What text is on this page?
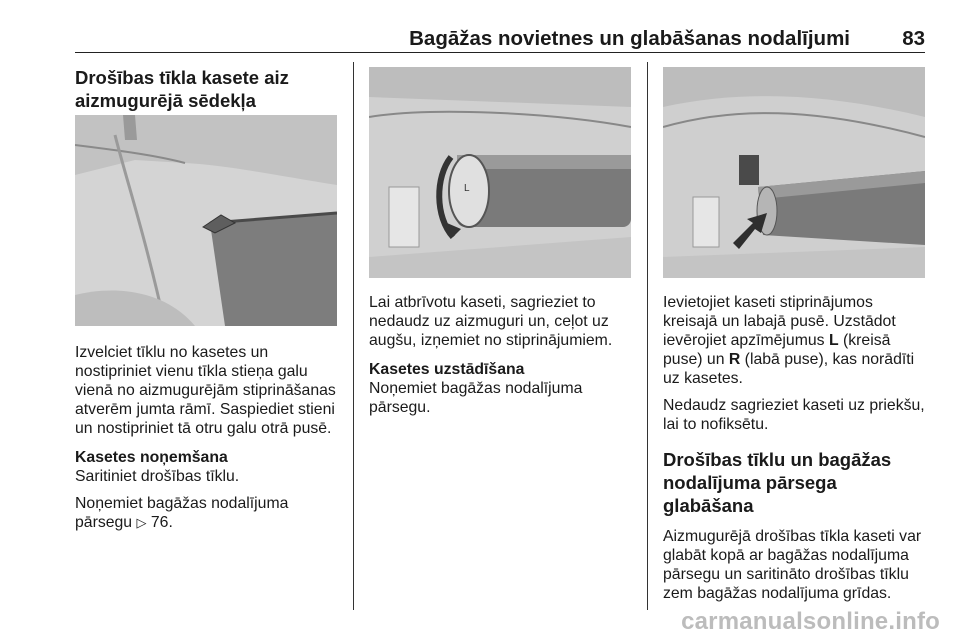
Bagāžas novietnes un glabāšanas nodalījumi	83
Drošības tīkla kasete aiz aizmugurējā sēdekļa

Izvelciet tīklu no kasetes un nostipriniet vienu tīkla stieņa galu vienā no aizmugurējām stiprināšanas atverēm jumta rāmī. Saspiediet stieni un nostipriniet tā otru galu otrā pusē.

Kasetes noņemšana

Saritiniet drošības tīklu.

Noņemiet bagāžas nodalījuma pārsegu ▷ 76.

L

Lai atbrīvotu kaseti, sagrieziet to nedaudz uz aizmuguri un, ceļot uz augšu, izņemiet no stiprinājumiem.

Kasetes uzstādīšana

Noņemiet bagāžas nodalījuma pārsegu.

Ievietojiet kaseti stiprinājumos kreisajā un labajā pusē. Uzstādot ievērojiet apzīmējumus L (kreisā puse) un R (labā puse), kas norādīti uz kasetes.

Nedaudz sagrieziet kaseti uz priekšu, lai to nofiksētu.

Drošības tīklu un bagāžas nodalījuma pārsega glabāšana

Aizmugurējā drošības tīkla kaseti var glabāt kopā ar bagāžas nodalījuma pārsegu un saritināto drošības tīklu zem bagāžas nodalījuma grīdas.

carmanualsonline.info
